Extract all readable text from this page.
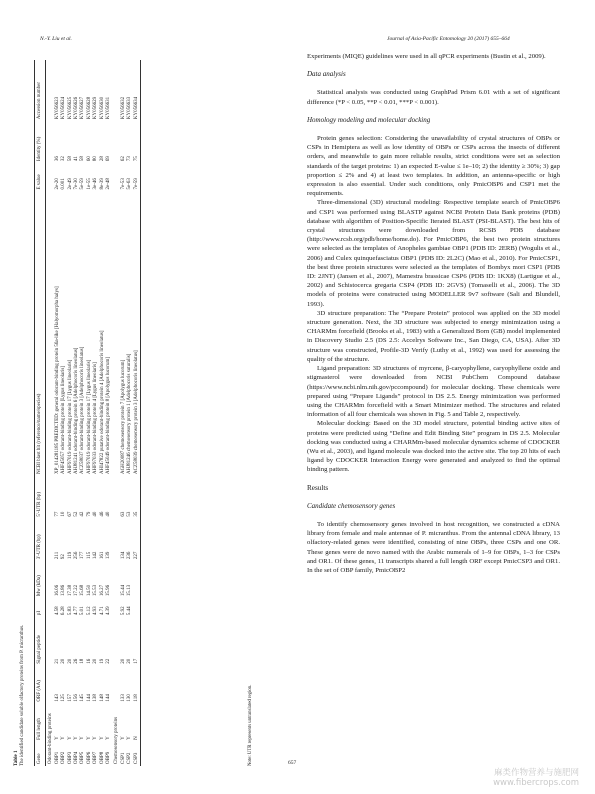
N.-Y. Liu et al.	Journal of Asia-Pacific Entomology 20 (2017) 655–664
Table 1 The identified candidate soluble olfactory proteins from P. micranthus. Gene	Full length	ORF (AA)	Signal peptide	pI	Mw (kDa)	3'-UTR (bp)	5'-UTR (bp)	NCBI blast hit (reference/name/species)	E value	Identity (%)	Accession number
Odorant-binding proteins											
OBP1	Y	143	21	4.58	16.06	211	77	XP_014281185 PREDICTED: general odorant-binding protein 56a-like [Halyomorpha halys]	2e-20	36	KY056623
OBP2	Y	125	20	6.28	13.86	92	10	AHF45057 odorant-binding protein [Lygus lineolaris]	0.001	32	KY056624
OBP3	Y	157	20	5.83	17.38	119	67	AHF97019 odorant-binding protein 17 [Lygus lineolaris]	2e-49	58	KY056625
OBP4	Y	156	26	4.77	17.22	256	52	AHJ81241 odorant-binding protein 6 [Adelphocoris lineolatus]	7e-30	41	KY056626
OBP5	Y	145	18	5.01	15.68	177	42	ACZ58037 odorant-binding protein 3 [Adelphocoris lineolatus]	5e-59	58	KY056627
OBP6	Y	144	16	5.12	14.50	115	79	AHF97019 odorant-binding protein 17 [Lygus lineolaris]	1e-55	60	KY056628
OBP7	Y	138	20	4.93	15.53	142	40	AHF97033 odorant-binding protein 4 [Lygus lineolaris]	3e-46	80	KY056629
OBP8	Y	148	19	4.71	16.27	161	46	AHI47822 putative odorant-binding protein 4 [Adelphocoris lineolatus]	8e-39	28	KY056630
OBP9	Y	144	22	4.39	15.96	139	40	AHF45049 odorant-binding protein 8 [Apolygus lucorum]	2e-48	69	KY056631
Chemosensory proteins											
CSP1	Y	133	20	5.92	15.44	134	63	AGH20087 chemosensory protein 7 [Apolygus lucorum]	7e-53	62	KY056632
CSP2	Y	130	20	5.44	15.13	236	53	AHJ81246 chemosensory protein 1 [Adelphocoris suturalis]	5e-63	73	KY056633
CSP3	N	118	17			227	35	ACZ58039 chemosensory protein 3 [Adelphocoris lineolatus]	7e-59	75	KY056634
Note: UTR represents untranslated region.

Experiments (MIQE) guidelines were used in all qPCR experiments (Bustin et al., 2009).

Data analysis

Statistical analysis was conducted using GraphPad Prism 6.01 with a set of significant difference (*P < 0.05, **P < 0.01, ***P < 0.001).

Homology modeling and molecular docking

Protein genes selection: Considering the unavailability of crystal structures of OBPs or CSPs in Hemiptera as well as low identity of OBPs or CSPs across the insects of different orders, and meanwhile to gain more reliable results, strict conditions were set as selection standards of the target proteins: 1) an expected E-value ≤ 1e–10; 2) the identity ≥ 30%; 3) gap proportion ≤ 2% and 4) at least two templates. In addition, an antenna-specific or high expression is also essential. Under such conditions, only PmicOBP6 and CSP1 met the requirements.

Three-dimensional (3D) structural modeling: Respective template search of PmicOBP6 and CSP1 was performed using BLASTP against NCBI Protein Data Bank proteins (PDB) database with algorithm of Position-Specific Iterated BLAST (PSI-BLAST). The best hits of crystal structures were downloaded from RCSB PDB database (http://www.rcsb.org/pdb/home/home.do). For PmicOBP6, the best two protein structures were selected as the templates of Anopheles gambiae OBP1 (PDB ID: 2ERB) (Wogulis et al., 2006) and Culex quinquefasciatus OBP1 (PDB ID: 2L2C) (Mao et al., 2010). For PmicCSP1, the best three protein structures were selected as the templates of Bombyx mori CSP1 (PDB ID: 2JNT) (Jansen et al., 2007), Mamestra brassicae CSP6 (PDB ID: 1KX8) (Lartigue et al., 2002) and Schistocerca gregaria CSP4 (PDB ID: 2GVS) (Tomaselli et al., 2006). The 3D models of proteins were constructed using MODELLER 9v7 software (Sali and Blundell, 1993).

3D structure preparation: The “Prepare Protein” protocol was applied on the 3D model structure generation. Next, the 3D structure was subjected to energy minimization using a CHARMm forcefield (Brooks et al., 1983) with a Generalized Born (GB) model implemented in Discovery Studio 2.5 (DS 2.5: Accelrys Software Inc., San Diego, CA, USA). After 3D structure was constructed, Profile-3D Verify (Luthy et al., 1992) was used for assessing the quality of the structure.

Ligand preparation: 3D structures of myrcene, β-caryophyllene, caryophyllene oxide and stigmasterol were downloaded from NCBI PubChem Compound database (https://www.ncbi.nlm.nih.gov/pccompound) for molecular docking. These chemicals were prepared using “Prepare Ligands” protocol in DS 2.5. Energy minimization was performed using the CHARMm forcefield with a Smart Minimizer method. The structures and related information of all four chemicals was shown in Fig. 5 and Table 2, respectively.

Molecular docking: Based on the 3D model structure, potential binding active sites of proteins were predicted using “Define and Edit Binding Site” program in DS 2.5. Molecular docking was conducted using a CHARMm-based molecular dynamics scheme of CDOCKER (Wu et al., 2003), and ligand molecule was docked into the active site. The top 20 hits of each ligand by CDOCKER Interaction Energy were generated and analyzed to find the optimal binding pattern.

Results
Candidate chemosensory genes

To identify chemosensory genes involved in host recognition, we constructed a cDNA library from female and male antennae of P. micranthus. From the antennal cDNA library, 13 olfactory-related genes were identified, consisting of nine OBPs, three CSPs and one OR. These genes were de novo named with the Arabic numerals of 1–9 for OBPs, 1–3 for CSPs and OR1. Of these genes, 11 transcripts shared a full length ORF except PmicCSP3 and OR1. In the set of OBP family, PmicOBP2

657
麻类作物营养与施肥网
www.fibercrops.com
